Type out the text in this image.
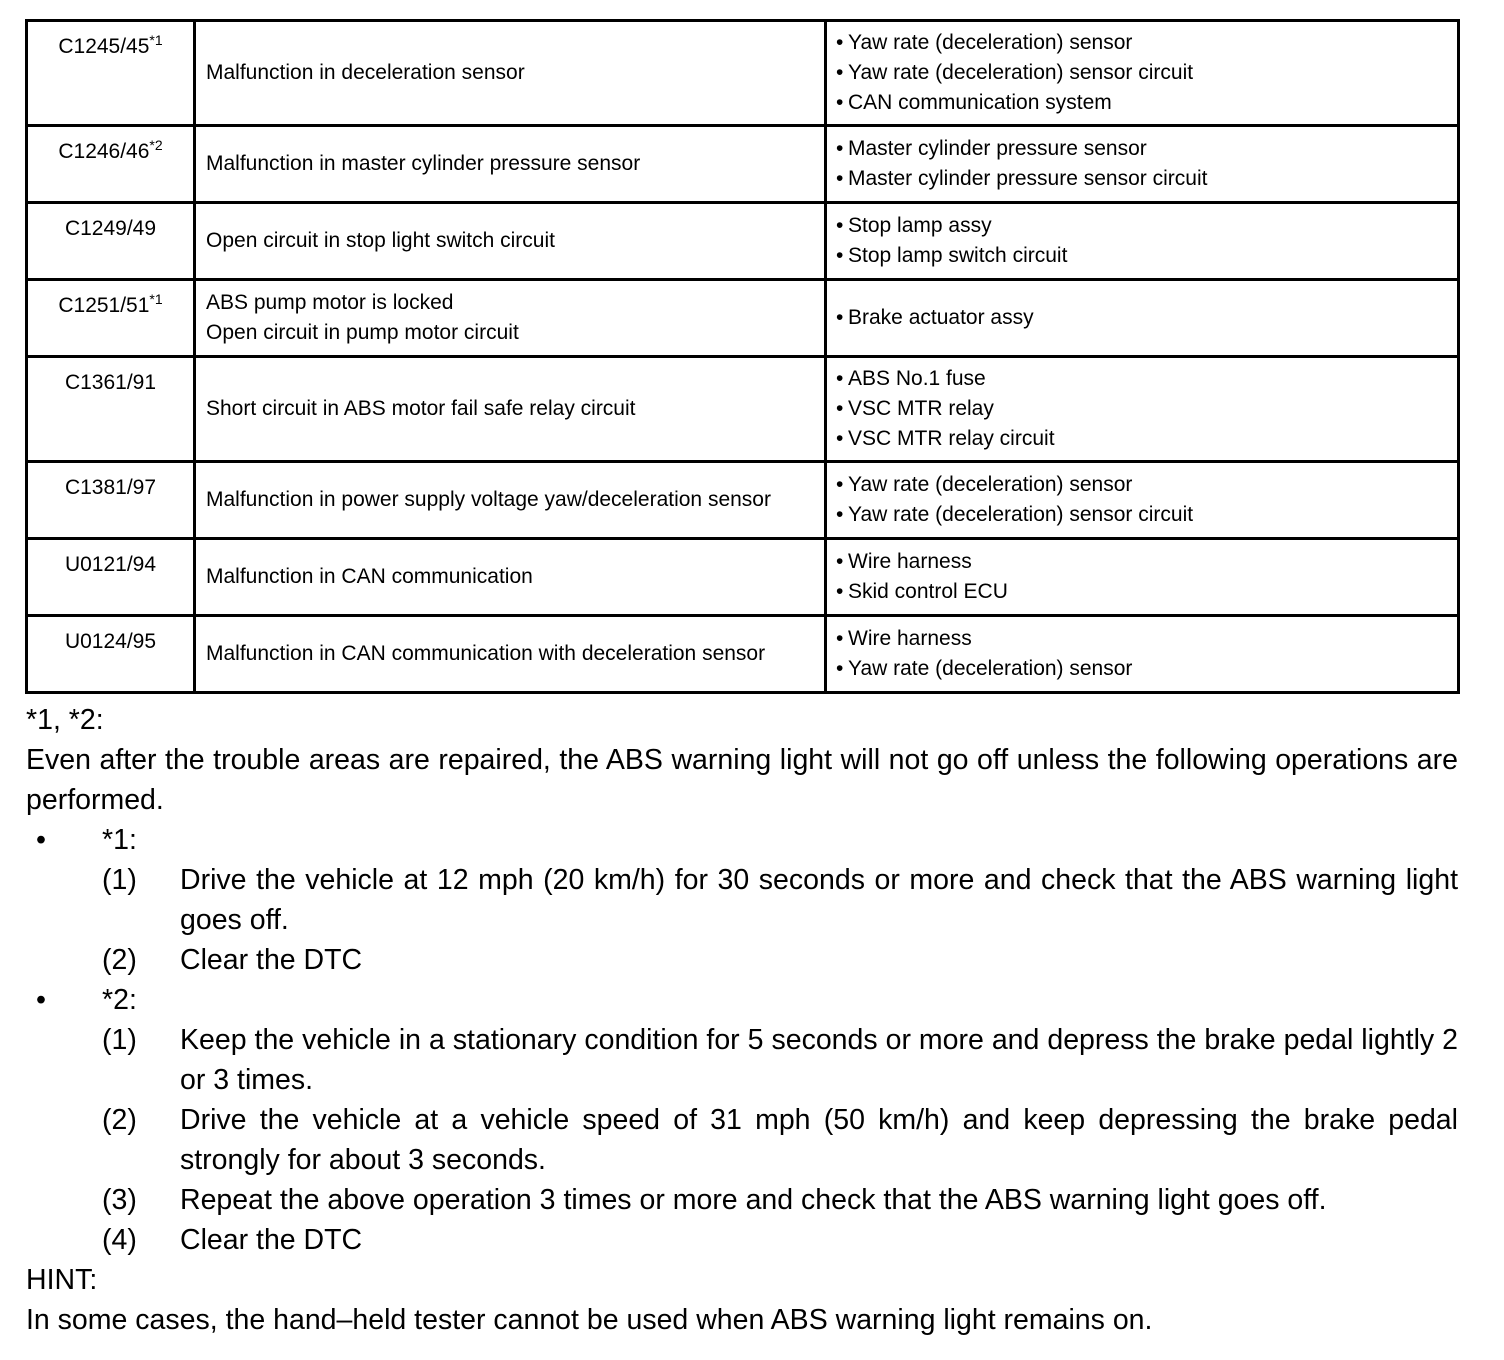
C1245/45$^{*1}$	Malfunction in deceleration sensor	• Yaw rate (deceleration) sensor
• Yaw rate (deceleration) sensor circuit
• CAN communication system

C1246/46$^{*2}$	Malfunction in master cylinder pressure sensor	• Master cylinder pressure sensor
• Master cylinder pressure sensor circuit

C1249/49	Open circuit in stop light switch circuit	• Stop lamp assy
• Stop lamp switch circuit

C1251/51$^{*1}$	ABS pump motor is locked
Open circuit in pump motor circuit	• Brake actuator assy

C1361/91	Short circuit in ABS motor fail safe relay circuit	• ABS No.1 fuse
• VSC MTR relay
• VSC MTR relay circuit

C1381/97	Malfunction in power supply voltage yaw/deceleration sensor	• Yaw rate (deceleration) sensor
• Yaw rate (deceleration) sensor circuit

U0121/94	Malfunction in CAN communication	• Wire harness
• Skid control ECU

U0124/95	Malfunction in CAN communication with deceleration sensor	• Wire harness
• Yaw rate (deceleration) sensor

*1, *2:

Even after the trouble areas are repaired, the ABS warning light will not go off unless the following operations are performed.

• *1:

(1) Drive the vehicle at 12 mph (20 km/h) for 30 seconds or more and check that the ABS warning light goes off.

(2) Clear the DTC

• *2:

(1) Keep the vehicle in a stationary condition for 5 seconds or more and depress the brake pedal lightly 2 or 3 times.

(2) Drive the vehicle at a vehicle speed of 31 mph (50 km/h) and keep depressing the brake pedal strongly for about 3 seconds.

(3) Repeat the above operation 3 times or more and check that the ABS warning light goes off.

(4) Clear the DTC

HINT:

In some cases, the hand–held tester cannot be used when ABS warning light remains on.
